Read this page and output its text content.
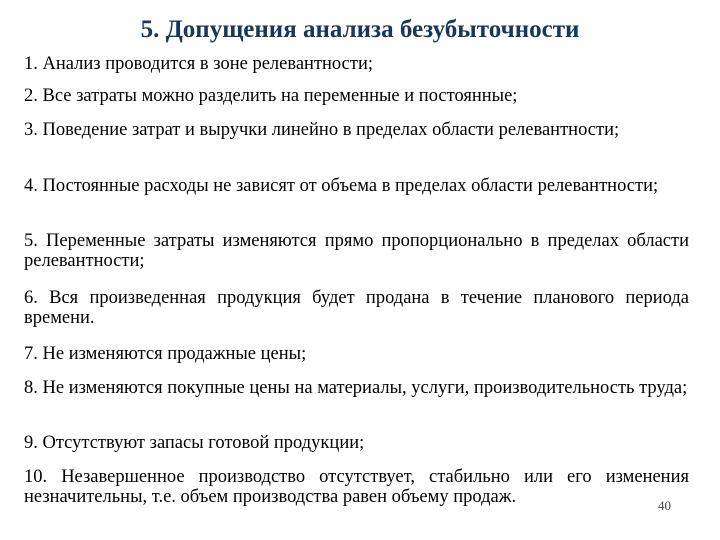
5. Допущения анализа безубыточности
1. Анализ проводится в зоне релевантности;
2. Все затраты можно разделить на переменные и постоянные;
3. Поведение затрат и выручки линейно в пределах области релевантности;
4. Постоянные расходы не зависят от объема в пределах области релевантности;
5. Переменные затраты изменяются прямо пропорционально в пределах области релевантности;
6. Вся произведенная продукция будет продана в течение планового периода времени.
7. Не изменяются продажные цены;
8. Не изменяются покупные цены на материалы, услуги, производительность труда;
9. Отсутствуют запасы готовой продукции;
10. Незавершенное производство отсутствует, стабильно или его изменения незначительны, т.е. объем производства равен объему продаж.	40
